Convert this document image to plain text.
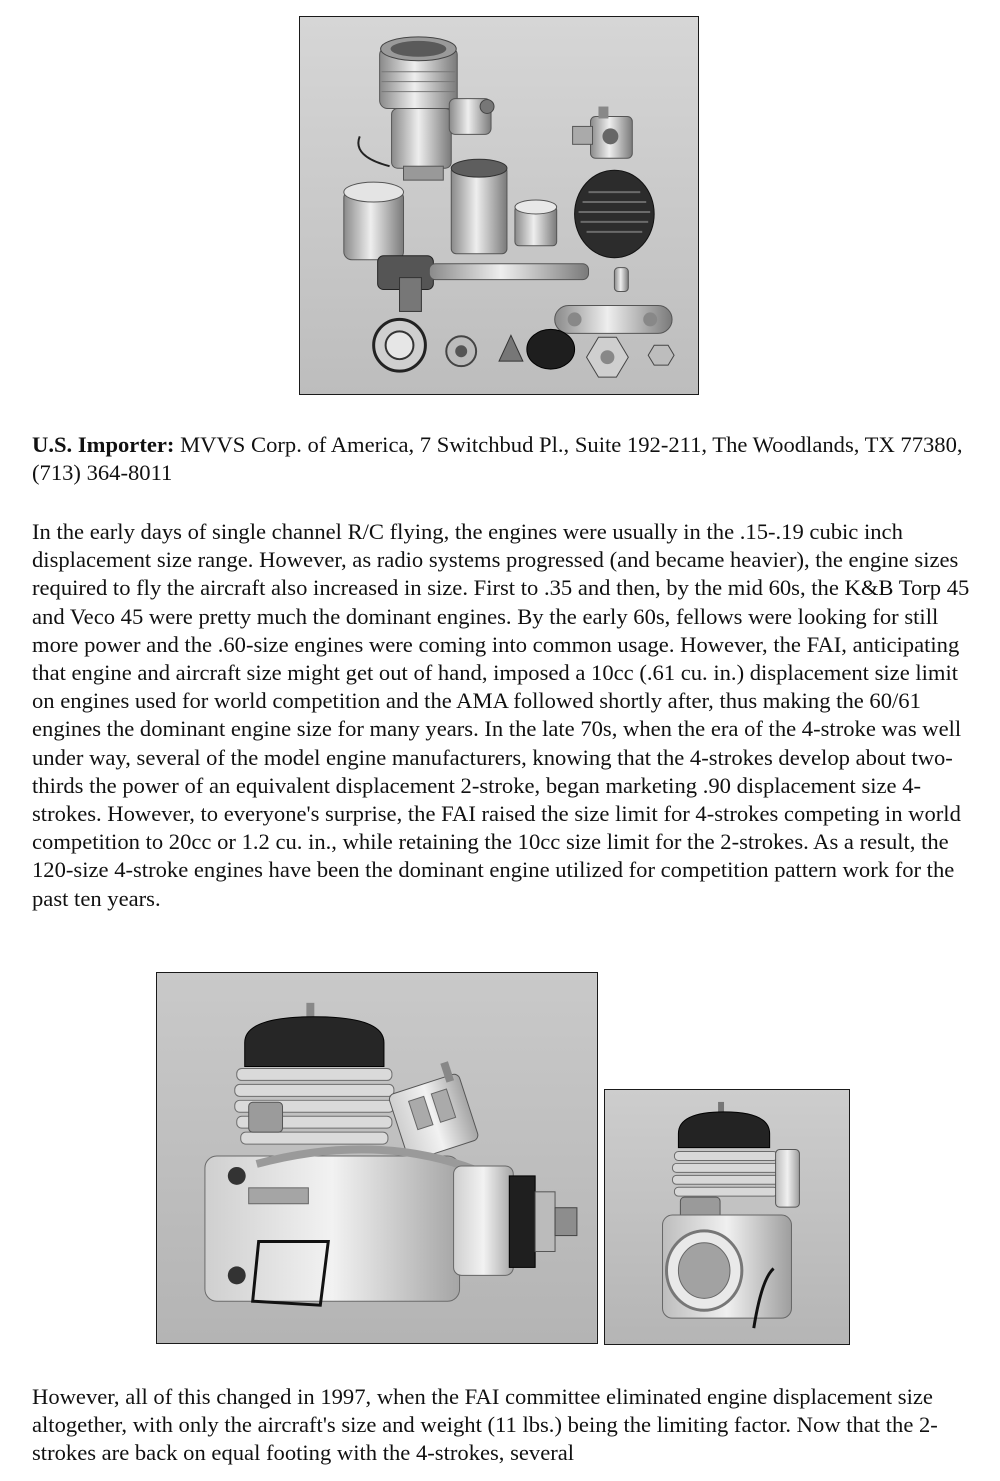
U.S. Importer: MVVS Corp. of America, 7 Switchbud Pl., Suite 192-211, The Woodlands, TX 77380, (713) 364-8011

In the early days of single channel R/C flying, the engines were usually in the .15-.19 cubic inch displacement size range. However, as radio systems progressed (and became heavier), the engine sizes required to fly the aircraft also increased in size. First to .35 and then, by the mid 60s, the K&B Torp 45 and Veco 45 were pretty much the dominant engines. By the early 60s, fellows were looking for still more power and the .60-size engines were coming into common usage. However, the FAI, anticipating that engine and aircraft size might get out of hand, imposed a 10cc (.61 cu. in.) displacement size limit on engines used for world competition and the AMA followed shortly after, thus making the 60/61 engines the dominant engine size for many years. In the late 70s, when the era of the 4-stroke was well under way, several of the model engine manufacturers, knowing that the 4-strokes develop about two-thirds the power of an equivalent displacement 2-stroke, began marketing .90 displacement size 4-strokes. However, to everyone's surprise, the FAI raised the size limit for 4-strokes competing in world competition to 20cc or 1.2 cu. in., while retaining the 10cc size limit for the 2-strokes. As a result, the 120-size 4-stroke engines have been the dominant engine utilized for competition pattern work for the past ten years.

However, all of this changed in 1997, when the FAI committee eliminated engine displacement size altogether, with only the aircraft's size and weight (11 lbs.) being the limiting factor. Now that the 2-strokes are back on equal footing with the 4-strokes, several
